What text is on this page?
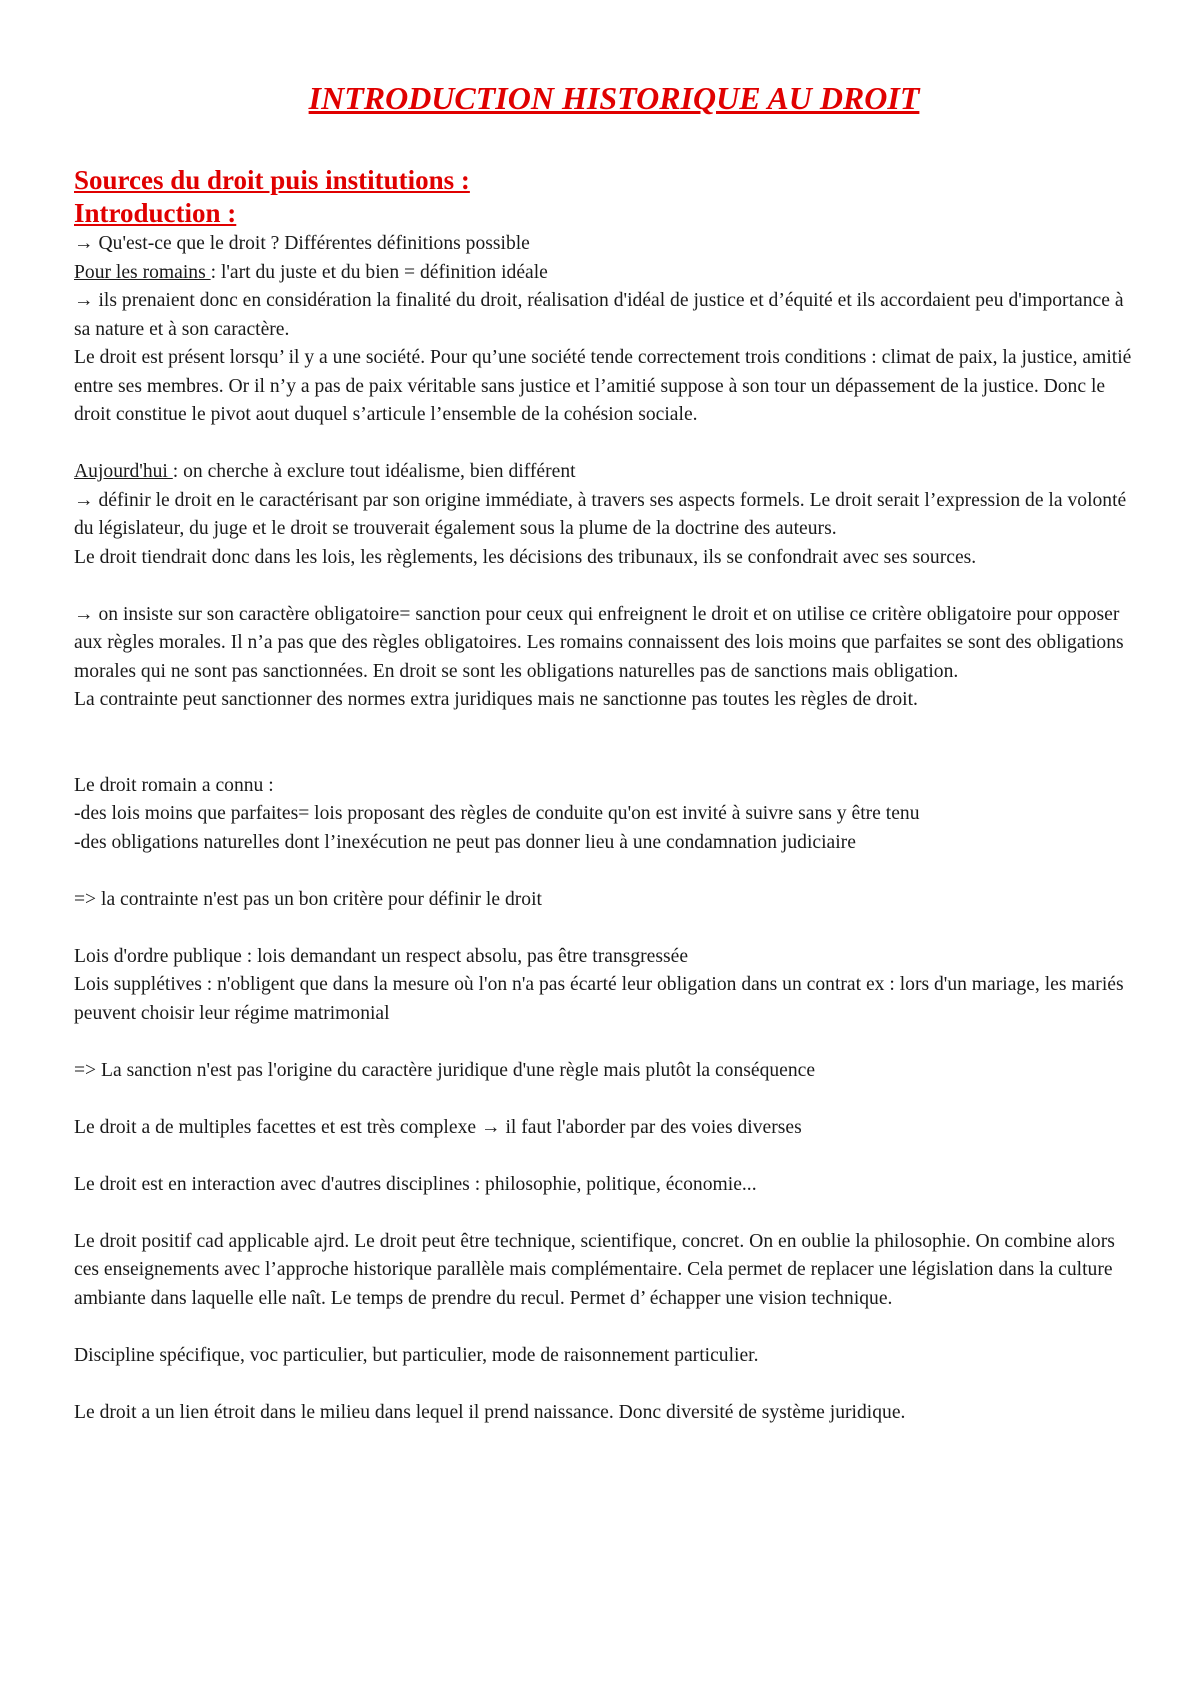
INTRODUCTION HISTORIQUE AU DROIT
Sources du droit puis institutions :
Introduction :

→ Qu'est-ce que le droit ? Différentes définitions possible

Pour les romains : l'art du juste et du bien = définition idéale

→ ils prenaient donc en considération la finalité du droit, réalisation d'idéal de justice et d’équité et ils accordaient peu d'importance à sa nature et à son caractère.

Le droit est présent lorsqu’ il y a une société. Pour qu’une société tende correctement trois conditions : climat de paix, la justice, amitié entre ses membres. Or il n’y a pas de paix véritable sans justice et l’amitié suppose à son tour un dépassement de la justice. Donc le droit constitue le pivot aout duquel s’articule l’ensemble de la cohésion sociale.

Aujourd'hui : on cherche à exclure tout idéalisme, bien différent

→ définir le droit en le caractérisant par son origine immédiate, à travers ses aspects formels. Le droit serait l’expression de la volonté du législateur, du juge et le droit se trouverait également sous la plume de la doctrine des auteurs.

Le droit tiendrait donc dans les lois, les règlements, les décisions des tribunaux, ils se confondrait avec ses sources.

→ on insiste sur son caractère obligatoire= sanction pour ceux qui enfreignent le droit et on utilise ce critère obligatoire pour opposer aux règles morales. Il n’a pas que des règles obligatoires. Les romains connaissent des lois moins que parfaites se sont des obligations morales qui ne sont pas sanctionnées. En droit se sont les obligations naturelles pas de sanctions mais obligation.

La contrainte peut sanctionner des normes extra juridiques mais ne sanctionne pas toutes les règles de droit.

Le droit romain a connu :

-des lois moins que parfaites= lois proposant des règles de conduite qu'on est invité à suivre sans y être tenu

-des obligations naturelles dont l’inexécution ne peut pas donner lieu à une condamnation judiciaire

=> la contrainte n'est pas un bon critère pour définir le droit

Lois d'ordre publique : lois demandant un respect absolu, pas être transgressée

Lois supplétives : n'obligent que dans la mesure où l'on n'a pas écarté leur obligation dans un contrat ex : lors d'un mariage, les mariés peuvent choisir leur régime matrimonial

=> La sanction n'est pas l'origine du caractère juridique d'une règle mais plutôt la conséquence

Le droit a de multiples facettes et est très complexe → il faut l'aborder par des voies diverses

Le droit est en interaction avec d'autres disciplines : philosophie, politique, économie...

Le droit positif cad applicable ajrd. Le droit peut être technique, scientifique, concret. On en oublie la philosophie. On combine alors ces enseignements avec l’approche historique parallèle mais complémentaire. Cela permet de replacer une législation dans la culture ambiante dans laquelle elle naît. Le temps de prendre du recul. Permet d’ échapper une vision technique.

Discipline spécifique, voc particulier, but particulier, mode de raisonnement particulier.

Le droit a un lien étroit dans le milieu dans lequel il prend naissance. Donc diversité de système juridique.
